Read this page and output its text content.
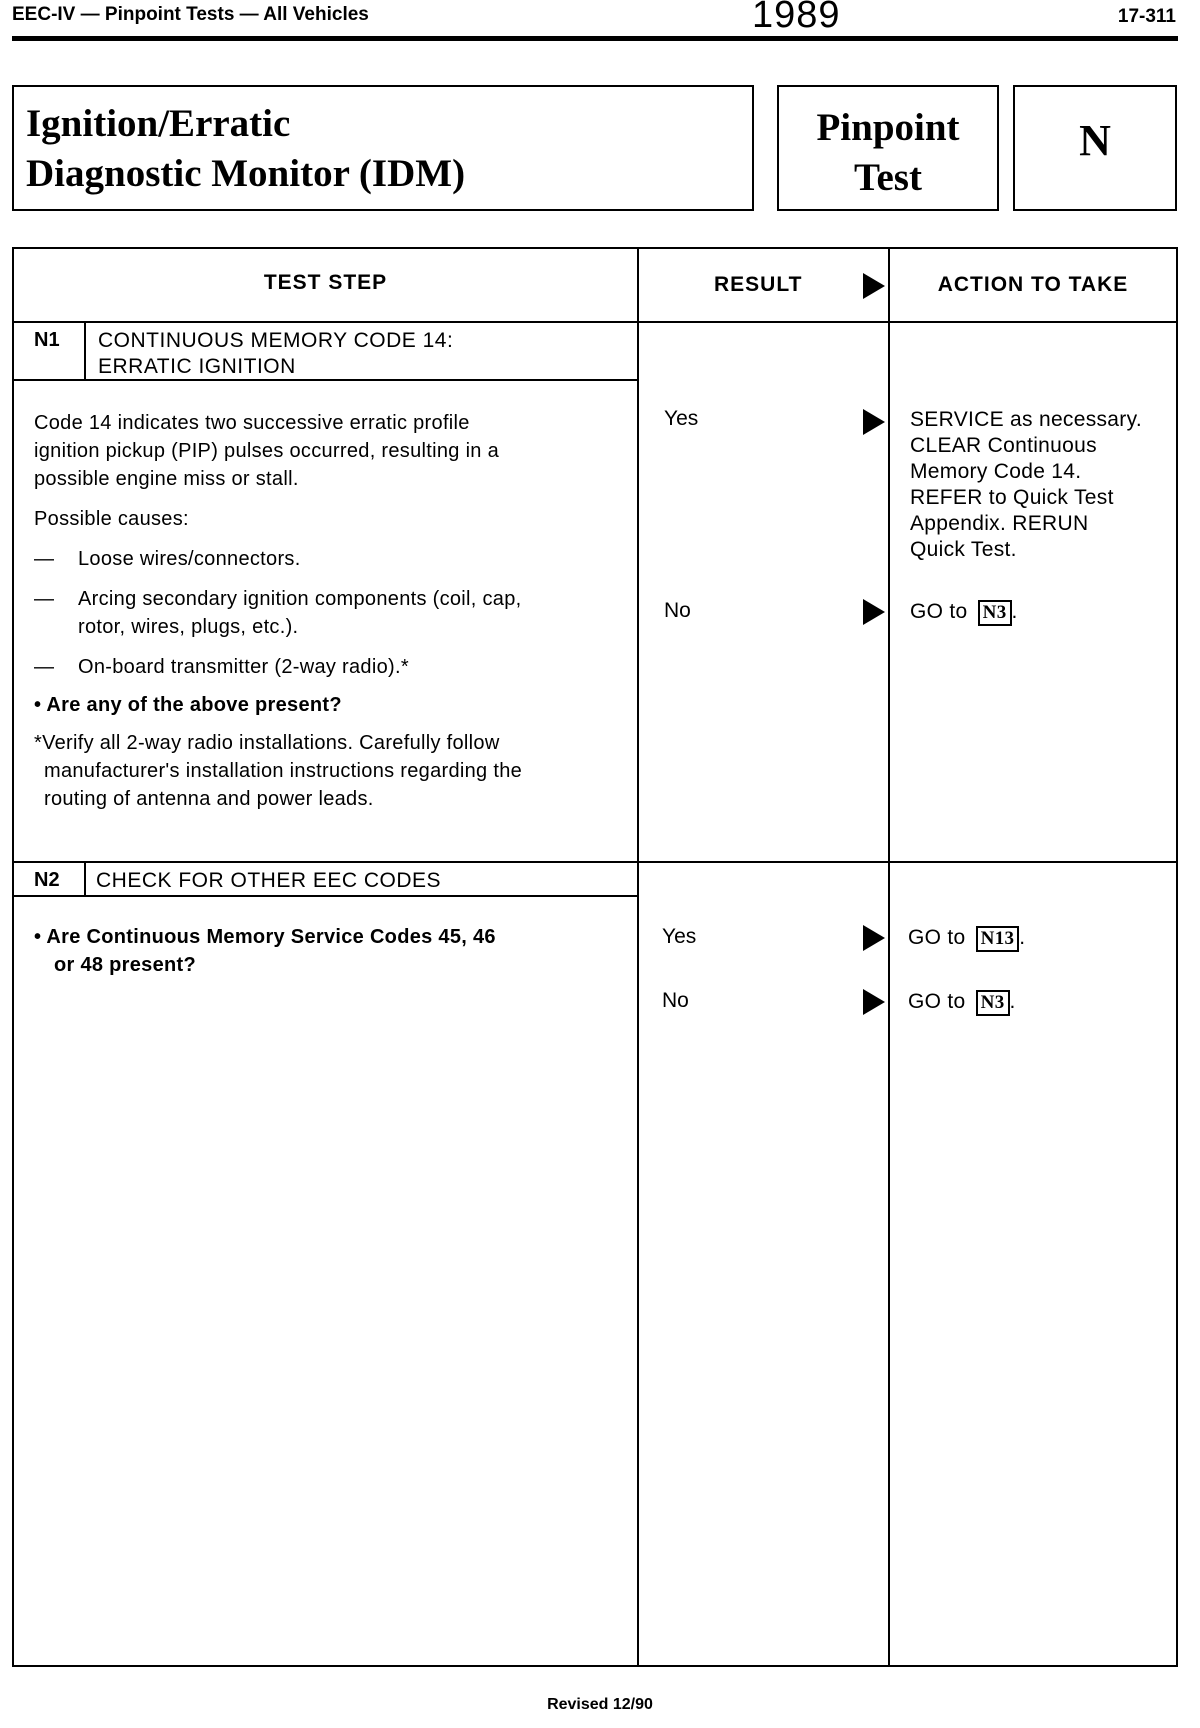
EEC-IV — Pinpoint Tests — All Vehicles	1989	17-311
Ignition/Erratic
Diagnostic Monitor (IDM)
Pinpoint
Test
N
TEST STEP	RESULT	ACTION TO TAKE
N1 CONTINUOUS MEMORY CODE 14:
ERRATIC IGNITION
Code 14 indicates two successive erratic profile
ignition pickup (PIP) pulses occurred, resulting in a
possible engine miss or stall.
Possible causes:
—	Loose wires/connectors.
—	Arcing secondary ignition components (coil, cap,
rotor, wires, plugs, etc.).
—	On-board transmitter (2-way radio).*
• Are any of the above present?
*Verify all 2-way radio installations. Carefully follow
manufacturer's installation instructions regarding the
routing of antenna and power leads.
Yes	SERVICE as necessary.
CLEAR Continuous
Memory Code 14.
REFER to Quick Test
Appendix. RERUN
Quick Test.
No	GO to N3 .
N2 CHECK FOR OTHER EEC CODES
• Are Continuous Memory Service Codes 45, 46
or 48 present?
Yes	GO to N13 .
No	GO to N3 .
Revised 12/90
